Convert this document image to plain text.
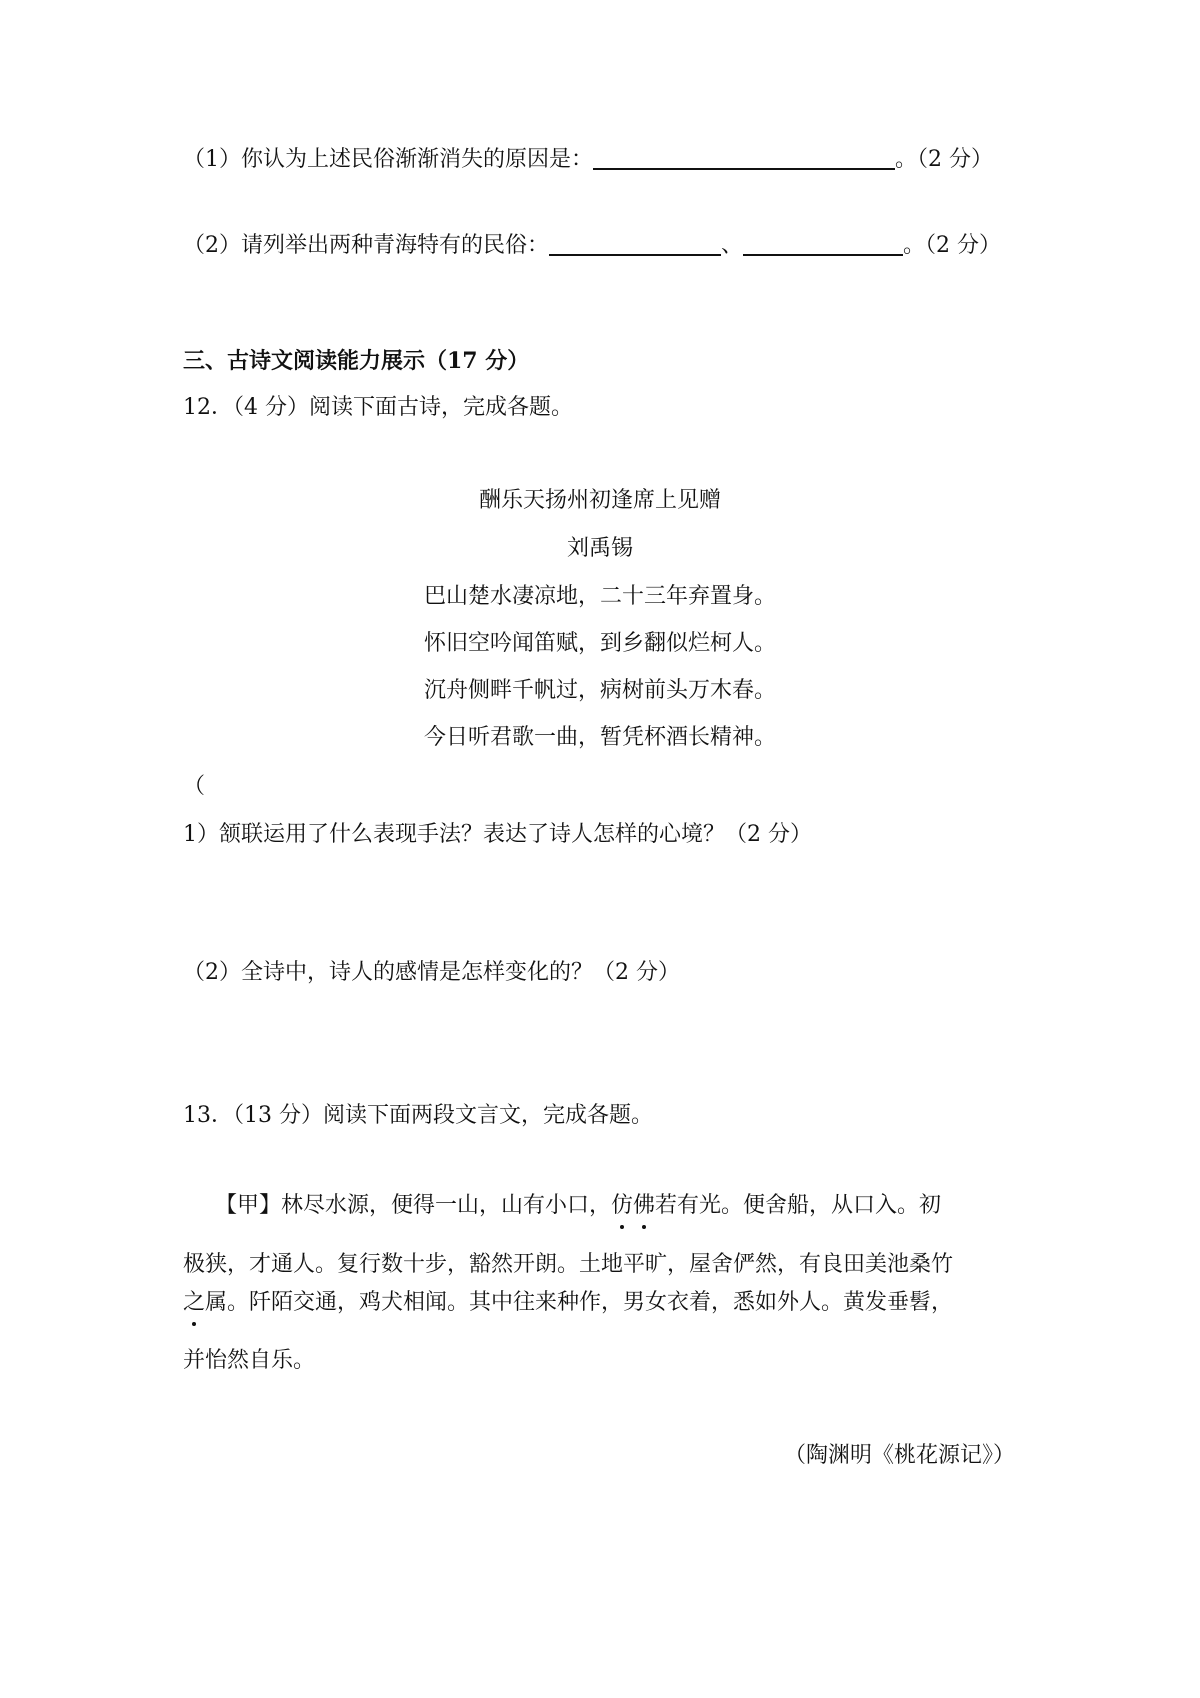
（1）你认为上述民俗渐渐消失的原因是：	。（2 分）
（2）请列举出两种青海特有的民俗：	、	。（2 分）
三、古诗文阅读能力展示（17 分）
12．（4 分）阅读下面古诗，完成各题。
酬乐天扬州初逢席上见赠
刘禹锡
巴山楚水凄凉地，二十三年弃置身。
怀旧空吟闻笛赋，到乡翻似烂柯人。
沉舟侧畔千帆过，病树前头万木春。
今日听君歌一曲，暂凭杯酒长精神。
（
1）颔联运用了什么表现手法？表达了诗人怎样的心境？（2 分）
（2）全诗中，诗人的感情是怎样变化的？（2 分）
13．（13 分）阅读下面两段文言文，完成各题。
【甲】林尽水源，便得一山，山有小口，仿佛若有光。便舍船，从口入。初
极狭，才通人。复行数十步，豁然开朗。土地平旷，屋舍俨然，有良田美池桑竹
之属。阡陌交通，鸡犬相闻。其中往来种作，男女衣着，悉如外人。黄发垂髫，
并怡然自乐。
（陶渊明《桃花源记》）
